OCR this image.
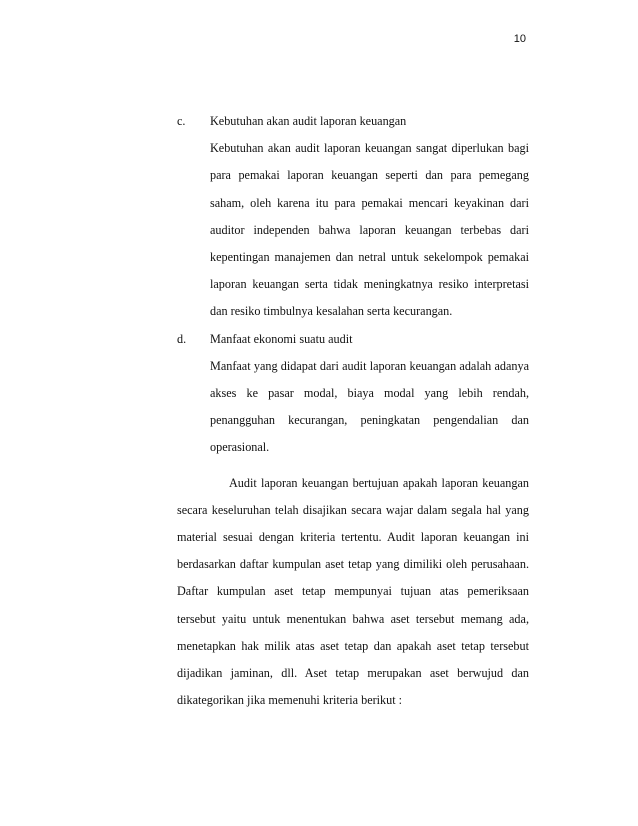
10
c. Kebutuhan akan audit laporan keuangan
Kebutuhan akan audit laporan keuangan sangat diperlukan bagi para pemakai laporan keuangan seperti dan para pemegang saham, oleh karena itu para pemakai mencari keyakinan dari auditor independen bahwa laporan keuangan terbebas dari kepentingan manajemen dan netral untuk sekelompok pemakai laporan keuangan serta tidak meningkatnya resiko interpretasi dan resiko timbulnya kesalahan serta kecurangan.
d. Manfaat ekonomi suatu audit
Manfaat yang didapat dari audit laporan keuangan adalah adanya akses ke pasar modal, biaya modal yang lebih rendah, penangguhan kecurangan, peningkatan pengendalian dan operasional.
Audit laporan keuangan bertujuan apakah laporan keuangan secara keseluruhan telah disajikan secara wajar dalam segala hal yang material sesuai dengan kriteria tertentu. Audit laporan keuangan ini berdasarkan daftar kumpulan aset tetap yang dimiliki oleh perusahaan. Daftar kumpulan aset tetap mempunyai tujuan atas pemeriksaan tersebut yaitu untuk menentukan bahwa aset tersebut memang ada, menetapkan hak milik atas aset tetap dan apakah aset tetap tersebut dijadikan jaminan, dll. Aset tetap merupakan aset berwujud dan dikategorikan jika memenuhi kriteria berikut :
